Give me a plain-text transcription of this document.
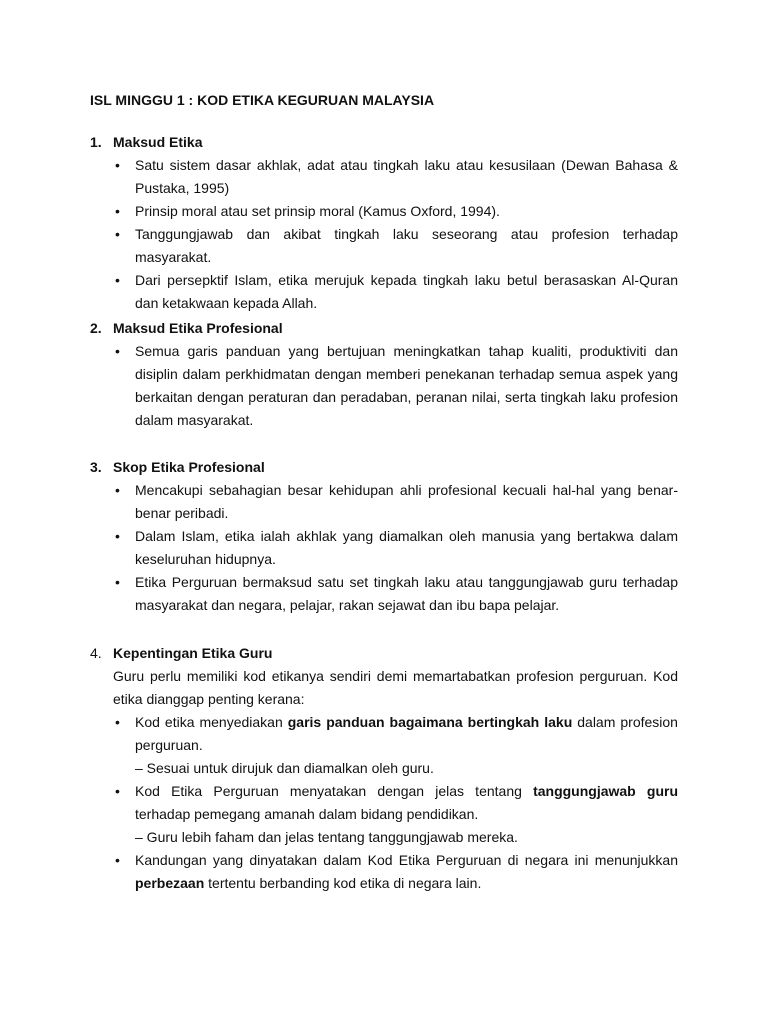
ISL MINGGU 1 : KOD ETIKA KEGURUAN MALAYSIA
1. Maksud Etika
•	Satu sistem dasar akhlak, adat atau tingkah laku atau kesusilaan (Dewan Bahasa & Pustaka, 1995)
•	Prinsip moral atau set prinsip moral (Kamus Oxford, 1994).
•	Tanggungjawab dan akibat tingkah laku seseorang atau profesion terhadap masyarakat.
•	Dari persepktif Islam, etika merujuk kepada tingkah laku betul berasaskan Al-Quran dan ketakwaan kepada Allah.
2. Maksud Etika Profesional
•	Semua garis panduan yang bertujuan meningkatkan tahap kualiti, produktiviti dan disiplin dalam perkhidmatan dengan memberi penekanan terhadap semua aspek yang berkaitan dengan peraturan dan peradaban, peranan nilai, serta tingkah laku profesion dalam masyarakat.
3. Skop Etika Profesional
•	Mencakupi sebahagian besar kehidupan ahli profesional kecuali hal-hal yang benar-benar peribadi.
•	Dalam Islam, etika ialah akhlak yang diamalkan oleh manusia yang bertakwa dalam keseluruhan hidupnya.
•	Etika Perguruan bermaksud satu set tingkah laku atau tanggungjawab guru terhadap masyarakat dan negara, pelajar, rakan sejawat dan ibu bapa pelajar.
4. Kepentingan Etika Guru
Guru perlu memiliki kod etikanya sendiri demi memartabatkan profesion perguruan. Kod etika dianggap penting kerana:
•	Kod etika menyediakan garis panduan bagaimana bertingkah laku dalam profesion perguruan.
– Sesuai untuk dirujuk dan diamalkan oleh guru.
•	Kod Etika Perguruan menyatakan dengan jelas tentang tanggungjawab guru terhadap pemegang amanah dalam bidang pendidikan.
– Guru lebih faham dan jelas tentang tanggungjawab mereka.
•	Kandungan yang dinyatakan dalam Kod Etika Perguruan di negara ini menunjukkan perbezaan tertentu berbanding kod etika di negara lain.
